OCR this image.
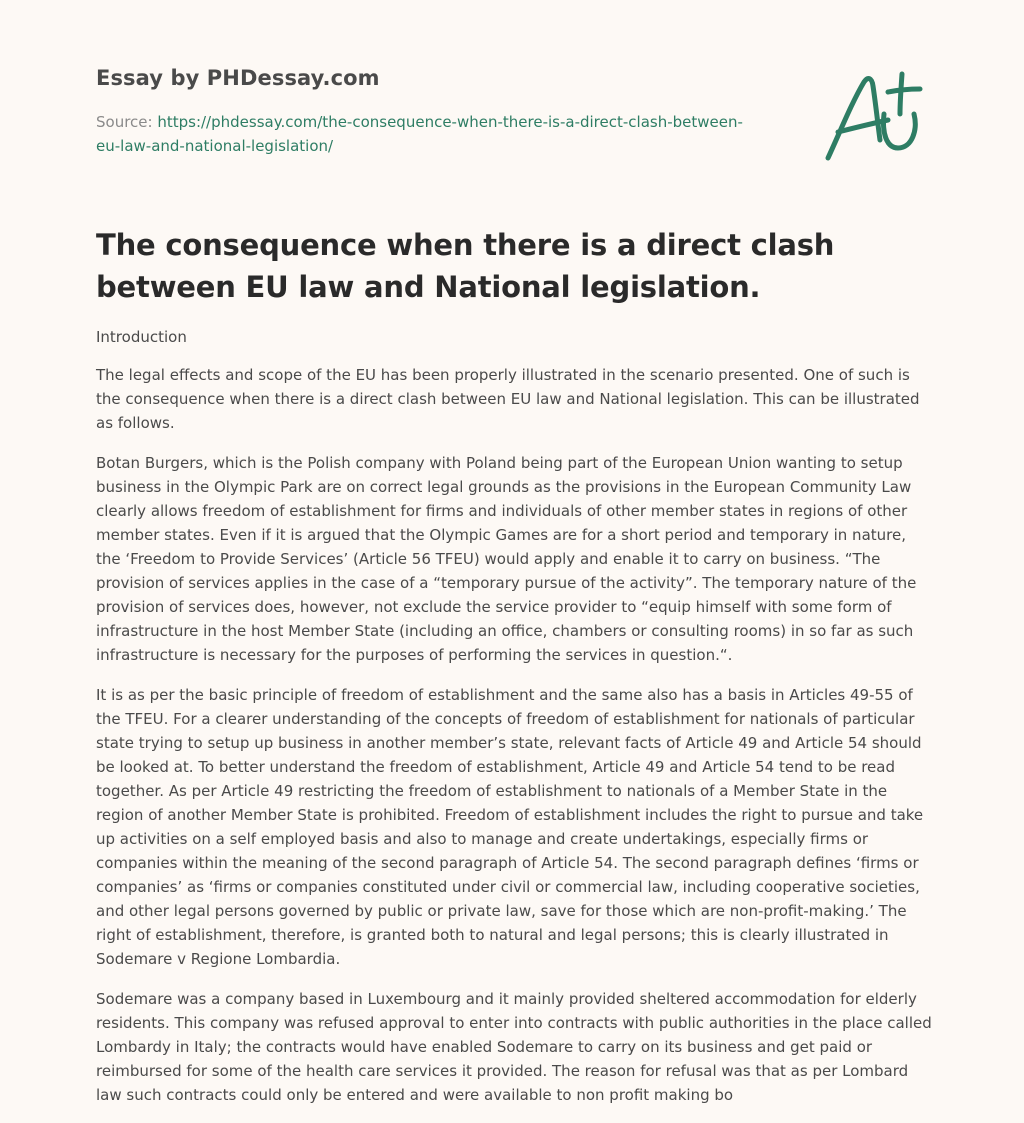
Essay by PHDessay.com
Source: https://phdessay.com/the-consequence-when-there-is-a-direct-clash-between-eu-law-and-national-legislation/
The consequence when there is a direct clash between EU law and National legislation.

Introduction

The legal effects and scope of the EU has been properly illustrated in the scenario presented. One of such is the consequence when there is a direct clash between EU law and National legislation. This can be illustrated as follows.

Botan Burgers, which is the Polish company with Poland being part of the European Union wanting to setup business in the Olympic Park are on correct legal grounds as the provisions in the European Community Law clearly allows freedom of establishment for firms and individuals of other member states in regions of other member states. Even if it is argued that the Olympic Games are for a short period and temporary in nature, the ‘Freedom to Provide Services’ (Article 56 TFEU) would apply and enable it to carry on business. “The provision of services applies in the case of a “temporary pursue of the activity”. The temporary nature of the provision of services does, however, not exclude the service provider to “equip himself with some form of infrastructure in the host Member State (including an office, chambers or consulting rooms) in so far as such infrastructure is necessary for the purposes of performing the services in question.“.

It is as per the basic principle of freedom of establishment and the same also has a basis in Articles 49-55 of the TFEU. For a clearer understanding of the concepts of freedom of establishment for nationals of particular state trying to setup up business in another member’s state, relevant facts of Article 49 and Article 54 should be looked at. To better understand the freedom of establishment, Article 49 and Article 54 tend to be read together. As per Article 49 restricting the freedom of establishment to nationals of a Member State in the region of another Member State is prohibited. Freedom of establishment includes the right to pursue and take up activities on a self employed basis and also to manage and create undertakings, especially firms or companies within the meaning of the second paragraph of Article 54. The second paragraph defines ‘firms or companies’ as ‘firms or companies constituted under civil or commercial law, including cooperative societies, and other legal persons governed by public or private law, save for those which are non-profit-making.’ The right of establishment, therefore, is granted both to natural and legal persons; this is clearly illustrated in Sodemare v Regione Lombardia.

Sodemare was a company based in Luxembourg and it mainly provided sheltered accommodation for elderly residents. This company was refused approval to enter into contracts with public authorities in the place called Lombardy in Italy; the contracts would have enabled Sodemare to carry on its business and get paid or reimbursed for some of the health care services it provided. The reason for refusal was that as per Lombard law such contracts could only be entered and were available to non profit making bo
